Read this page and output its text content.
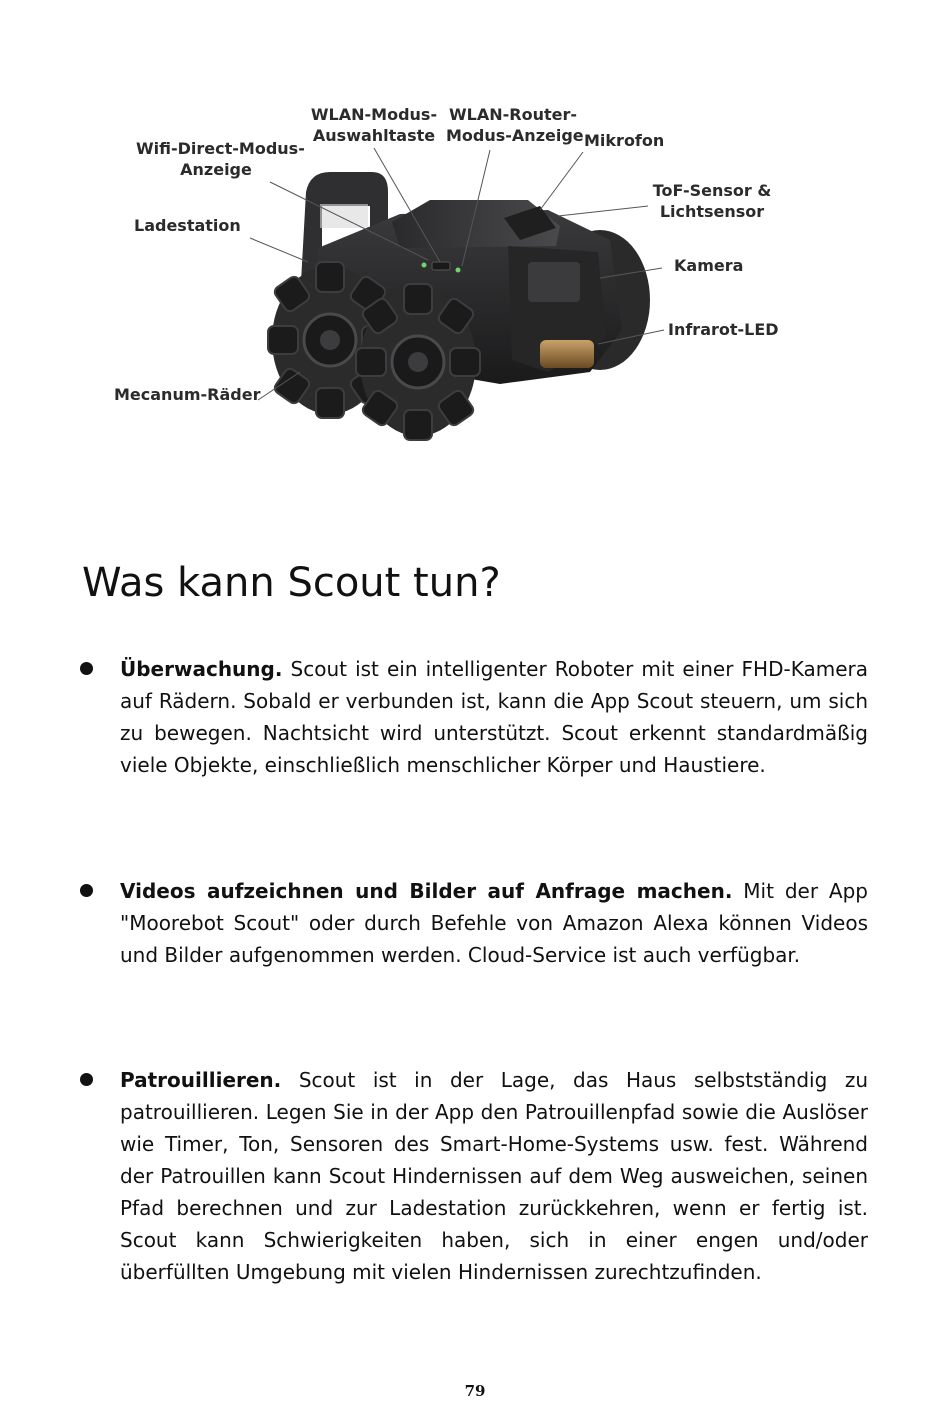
Wifi-Direct-Modus-
Anzeige
WLAN-Modus-
Auswahltaste
WLAN-Router-
Modus-Anzeige Mikrofon
ToF-Sensor &
Lichtsensor
Ladestation
Kamera
Infrarot-LED
Mecanum-Räder
Was kann Scout tun?

Überwachung. Scout ist ein intelligenter Roboter mit einer FHD-Kamera auf Rädern. Sobald er verbunden ist, kann die App Scout steuern, um sich zu bewegen. Nachtsicht wird unterstützt. Scout erkennt standardmäßig viele Objekte, einschließlich menschlicher Körper und Haustiere.

Videos aufzeichnen und Bilder auf Anfrage machen. Mit der App "Moorebot Scout" oder durch Befehle von Amazon Alexa können Videos und Bilder aufgenommen werden. Cloud-Service ist auch verfügbar.

Patrouillieren. Scout ist in der Lage, das Haus selbstständig zu patrouillieren. Legen Sie in der App den Patrouillenpfad sowie die Auslöser wie Timer, Ton, Sensoren des Smart-Home-Systems usw. fest. Während der Patrouillen kann Scout Hindernissen auf dem Weg ausweichen, seinen Pfad berechnen und zur Ladestation zurückkehren, wenn er fertig ist. Scout kann Schwierigkeiten haben, sich in einer engen und/oder überfüllten Umgebung mit vielen Hindernissen zurechtzufinden.

79
